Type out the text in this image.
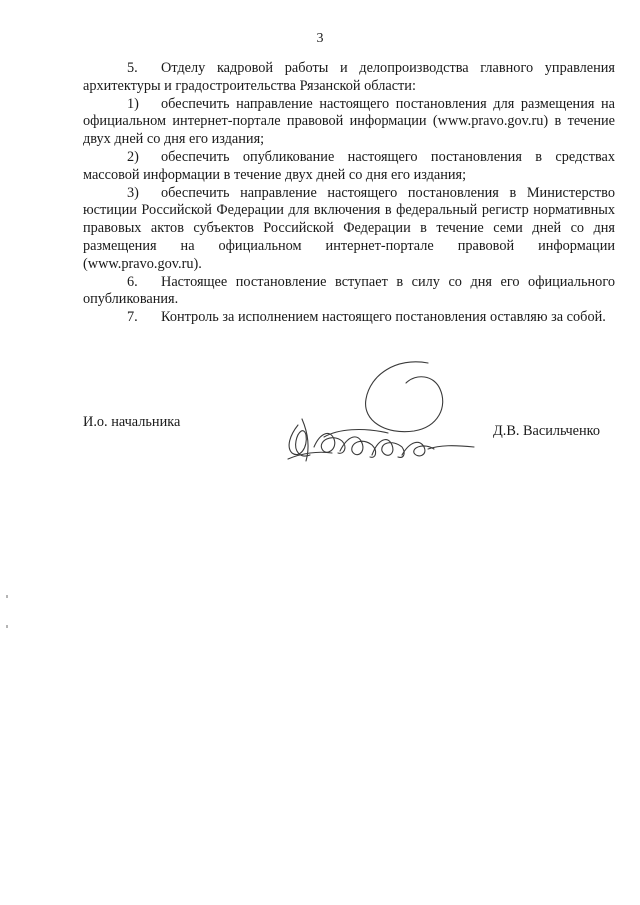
3

5. Отделу кадровой работы и делопроизводства главного управления архитектуры и градостроительства Рязанской области:

1) обеспечить направление настоящего постановления для размещения на официальном интернет-портале правовой информации (www.pravo.gov.ru) в течение двух дней со дня его издания;

2) обеспечить опубликование настоящего постановления в средствах массовой информации в течение двух дней со дня его издания;

3) обеспечить направление настоящего постановления в Министерство юстиции Российской Федерации для включения в федеральный регистр нормативных правовых актов субъектов Российской Федерации в течение семи дней со дня размещения на официальном интернет-портале правовой информации (www.pravo.gov.ru).

6. Настоящее постановление вступает в силу со дня его официального опубликования.

7. Контроль за исполнением настоящего постановления оставляю за собой.

И.о. начальника
Д.В. Васильченко
